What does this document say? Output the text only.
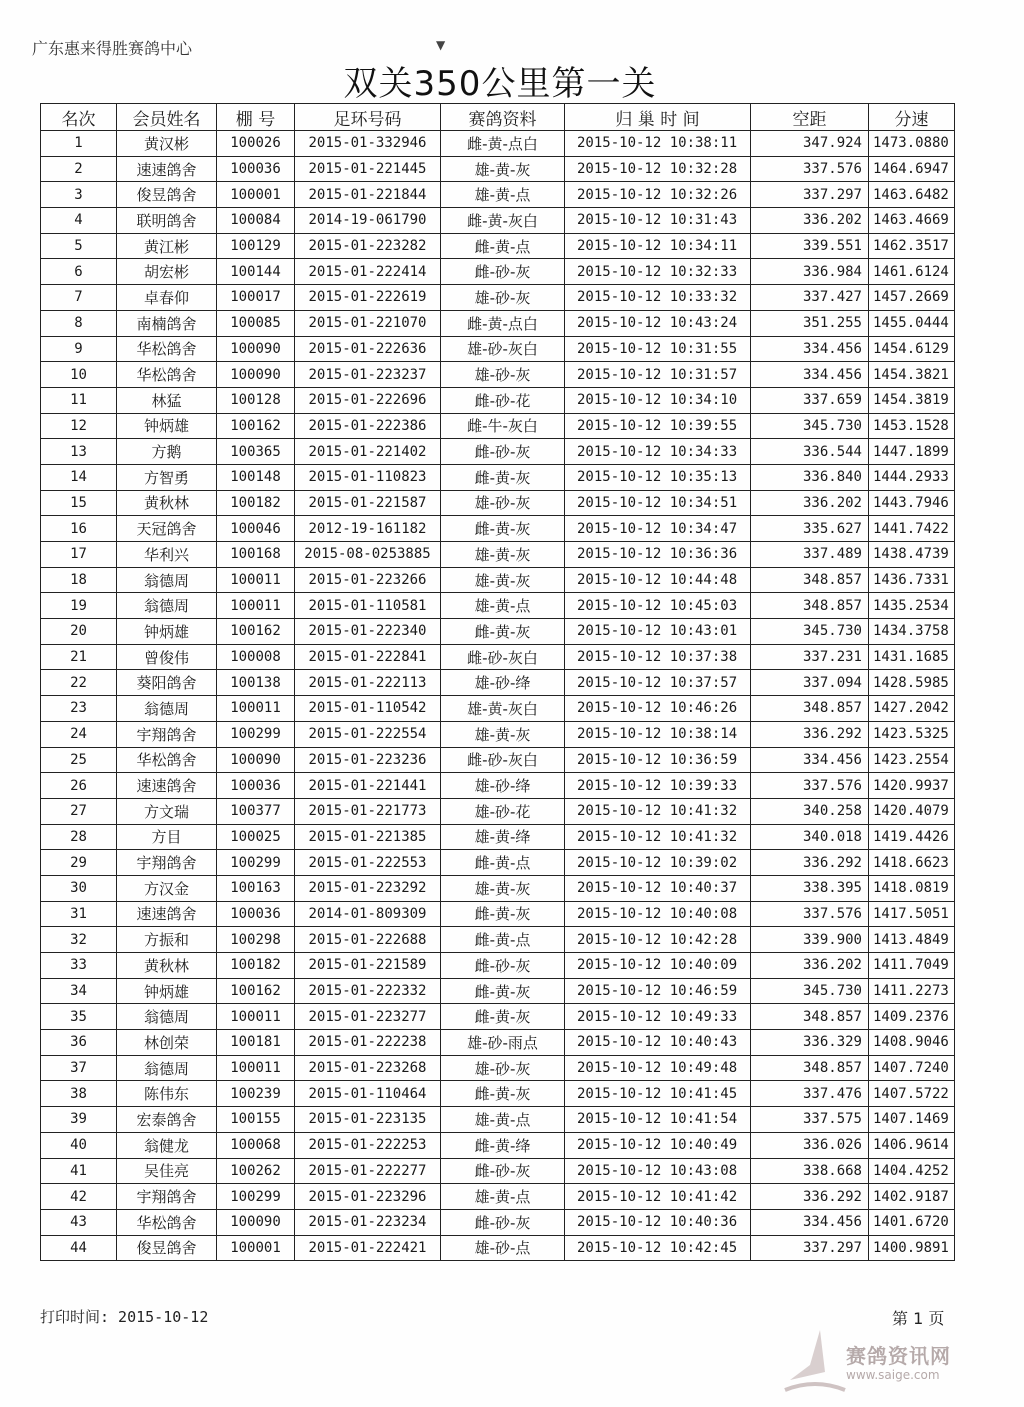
广东惠来得胜赛鸽中心	▼
双关350公里第一关
名次	会员姓名	棚 号	足环号码	赛鸽资料	归 巢 时 间	空距	分速
1	黄汉彬	100026	2015-01-332946	雌-黄-点白	2015-10-12 10:38:11	347.924	1473.0880
2	速速鸽舍	100036	2015-01-221445	雄-黄-灰	2015-10-12 10:32:28	337.576	1464.6947
3	俊昱鸽舍	100001	2015-01-221844	雄-黄-点	2015-10-12 10:32:26	337.297	1463.6482
4	联明鸽舍	100084	2014-19-061790	雌-黄-灰白	2015-10-12 10:31:43	336.202	1463.4669
5	黄江彬	100129	2015-01-223282	雌-黄-点	2015-10-12 10:34:11	339.551	1462.3517
6	胡宏彬	100144	2015-01-222414	雌-砂-灰	2015-10-12 10:32:33	336.984	1461.6124
7	卓春仰	100017	2015-01-222619	雄-砂-灰	2015-10-12 10:33:32	337.427	1457.2669
8	南楠鸽舍	100085	2015-01-221070	雌-黄-点白	2015-10-12 10:43:24	351.255	1455.0444
9	华松鸽舍	100090	2015-01-222636	雄-砂-灰白	2015-10-12 10:31:55	334.456	1454.6129
10	华松鸽舍	100090	2015-01-223237	雄-砂-灰	2015-10-12 10:31:57	334.456	1454.3821
11	林猛	100128	2015-01-222696	雌-砂-花	2015-10-12 10:34:10	337.659	1454.3819
12	钟炳雄	100162	2015-01-222386	雌-牛-灰白	2015-10-12 10:39:55	345.730	1453.1528
13	方鹅	100365	2015-01-221402	雌-砂-灰	2015-10-12 10:34:33	336.544	1447.1899
14	方智勇	100148	2015-01-110823	雌-黄-灰	2015-10-12 10:35:13	336.840	1444.2933
15	黄秋林	100182	2015-01-221587	雄-砂-灰	2015-10-12 10:34:51	336.202	1443.7946
16	天冠鸽舍	100046	2012-19-161182	雌-黄-灰	2015-10-12 10:34:47	335.627	1441.7422
17	华利兴	100168	2015-08-0253885	雄-黄-灰	2015-10-12 10:36:36	337.489	1438.4739
18	翁德周	100011	2015-01-223266	雄-黄-灰	2015-10-12 10:44:48	348.857	1436.7331
19	翁德周	100011	2015-01-110581	雄-黄-点	2015-10-12 10:45:03	348.857	1435.2534
20	钟炳雄	100162	2015-01-222340	雌-黄-灰	2015-10-12 10:43:01	345.730	1434.3758
21	曾俊伟	100008	2015-01-222841	雌-砂-灰白	2015-10-12 10:37:38	337.231	1431.1685
22	葵阳鸽舍	100138	2015-01-222113	雄-砂-绛	2015-10-12 10:37:57	337.094	1428.5985
23	翁德周	100011	2015-01-110542	雄-黄-灰白	2015-10-12 10:46:26	348.857	1427.2042
24	宇翔鸽舍	100299	2015-01-222554	雄-黄-灰	2015-10-12 10:38:14	336.292	1423.5325
25	华松鸽舍	100090	2015-01-223236	雌-砂-灰白	2015-10-12 10:36:59	334.456	1423.2554
26	速速鸽舍	100036	2015-01-221441	雄-砂-绛	2015-10-12 10:39:33	337.576	1420.9937
27	方文瑞	100377	2015-01-221773	雄-砂-花	2015-10-12 10:41:32	340.258	1420.4079
28	方目	100025	2015-01-221385	雄-黄-绛	2015-10-12 10:41:32	340.018	1419.4426
29	宇翔鸽舍	100299	2015-01-222553	雌-黄-点	2015-10-12 10:39:02	336.292	1418.6623
30	方汉金	100163	2015-01-223292	雄-黄-灰	2015-10-12 10:40:37	338.395	1418.0819
31	速速鸽舍	100036	2014-01-809309	雌-黄-灰	2015-10-12 10:40:08	337.576	1417.5051
32	方振和	100298	2015-01-222688	雌-黄-点	2015-10-12 10:42:28	339.900	1413.4849
33	黄秋林	100182	2015-01-221589	雌-砂-灰	2015-10-12 10:40:09	336.202	1411.7049
34	钟炳雄	100162	2015-01-222332	雌-黄-灰	2015-10-12 10:46:59	345.730	1411.2273
35	翁德周	100011	2015-01-223277	雌-黄-灰	2015-10-12 10:49:33	348.857	1409.2376
36	林创荣	100181	2015-01-222238	雄-砂-雨点	2015-10-12 10:40:43	336.329	1408.9046
37	翁德周	100011	2015-01-223268	雄-砂-灰	2015-10-12 10:49:48	348.857	1407.7240
38	陈伟东	100239	2015-01-110464	雌-黄-灰	2015-10-12 10:41:45	337.476	1407.5722
39	宏泰鸽舍	100155	2015-01-223135	雄-黄-点	2015-10-12 10:41:54	337.575	1407.1469
40	翁健龙	100068	2015-01-222253	雌-黄-绛	2015-10-12 10:40:49	336.026	1406.9614
41	吴佳亮	100262	2015-01-222277	雌-砂-灰	2015-10-12 10:43:08	338.668	1404.4252
42	宇翔鸽舍	100299	2015-01-223296	雄-黄-点	2015-10-12 10:41:42	336.292	1402.9187
43	华松鸽舍	100090	2015-01-223234	雌-砂-灰	2015-10-12 10:40:36	334.456	1401.6720
44	俊昱鸽舍	100001	2015-01-222421	雄-砂-点	2015-10-12 10:42:45	337.297	1400.9891
打印时间: 2015-10-12	第 1 页
赛鸽资讯网
www.saige.com
